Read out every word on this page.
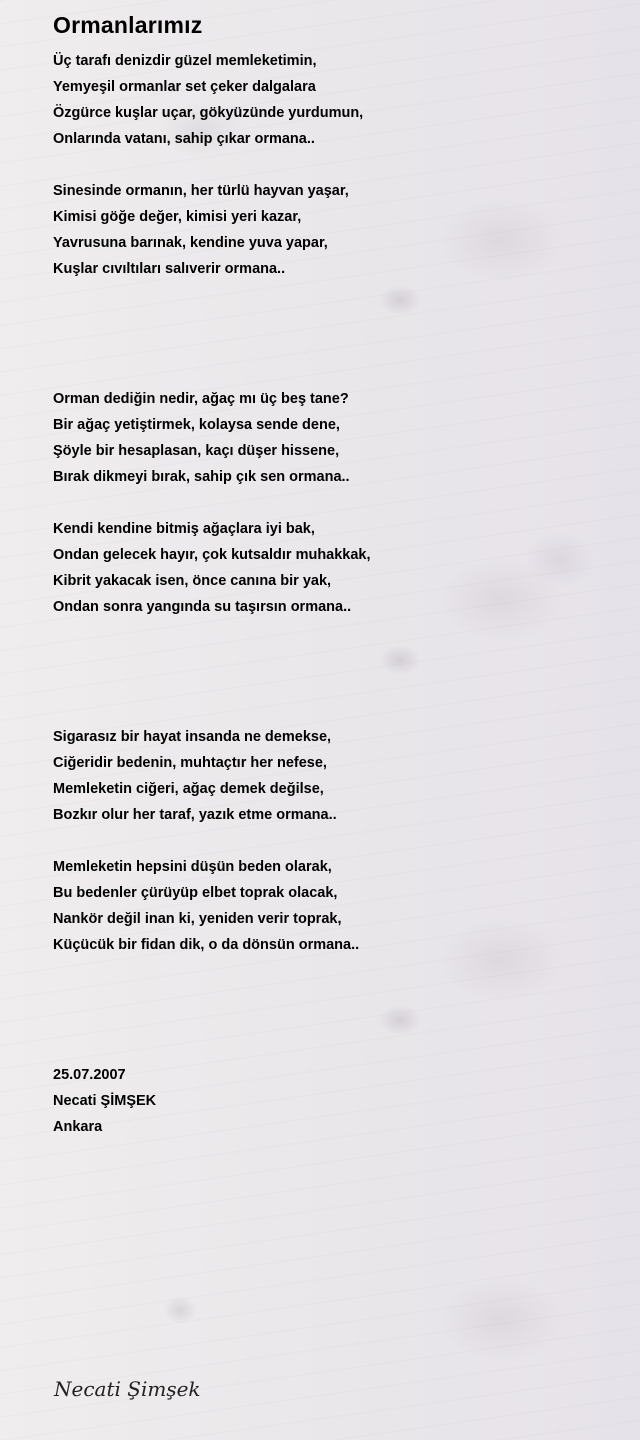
Ormanlarımız
Üç tarafı denizdir güzel memleketimin,
Yemyeşil ormanlar set çeker dalgalara
Özgürce kuşlar uçar, gökyüzünde yurdumun,
Onlarında vatanı, sahip çıkar ormana..
Sinesinde ormanın, her türlü hayvan yaşar,
Kimisi göğe değer, kimisi yeri kazar,
Yavrusuna barınak, kendine yuva yapar,
Kuşlar cıvıltıları salıverir ormana..
Orman dediğin nedir, ağaç mı üç beş tane?
Bir ağaç yetiştirmek, kolaysa sende dene,
Şöyle bir hesaplasan, kaçı düşer hissene,
Bırak dikmeyi bırak, sahip çık sen ormana..
Kendi kendine bitmiş ağaçlara iyi bak,
Ondan gelecek hayır, çok kutsaldır muhakkak,
Kibrit yakacak isen, önce canına bir yak,
Ondan sonra yangında su taşırsın ormana..
Sigarasız bir hayat insanda ne demekse,
Ciğeridir bedenin, muhtaçtır her nefese,
Memleketin ciğeri, ağaç demek değilse,
Bozkır olur her taraf, yazık etme ormana..
Memleketin hepsini düşün beden olarak,
Bu bedenler çürüyüp elbet toprak olacak,
Nankör değil inan ki, yeniden verir toprak,
Küçücük bir fidan dik, o da dönsün ormana..
25.07.2007
Necati ŞİMŞEK
Ankara
Necati Şimşek
